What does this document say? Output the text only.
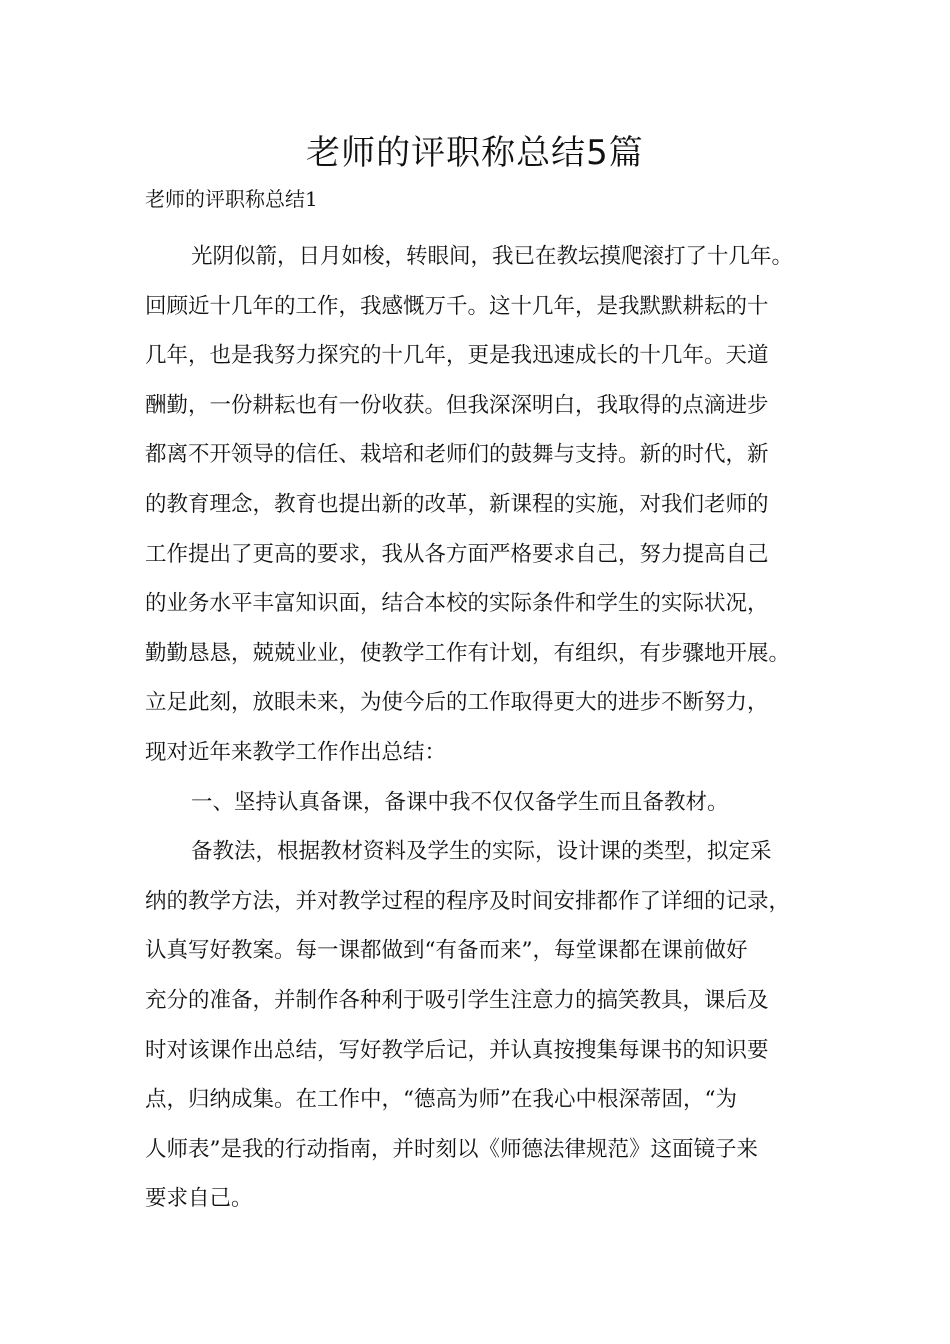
老师的评职称总结5篇
老师的评职称总结1
光阴似箭，日月如梭，转眼间，我已在教坛摸爬滚打了十几年。
回顾近十几年的工作，我感慨万千。这十几年，是我默默耕耘的十
几年，也是我努力探究的十几年，更是我迅速成长的十几年。天道
酬勤，一份耕耘也有一份收获。但我深深明白，我取得的点滴进步
都离不开领导的信任、栽培和老师们的鼓舞与支持。新的时代，新
的教育理念，教育也提出新的改革，新课程的实施，对我们老师的
工作提出了更高的要求，我从各方面严格要求自己，努力提高自己
的业务水平丰富知识面，结合本校的实际条件和学生的实际状况，
勤勤恳恳，兢兢业业，使教学工作有计划，有组织，有步骤地开展。
立足此刻，放眼未来，为使今后的工作取得更大的进步不断努力，
现对近年来教学工作作出总结：
一、坚持认真备课，备课中我不仅仅备学生而且备教材。
备教法，根据教材资料及学生的实际，设计课的类型，拟定采
纳的教学方法，并对教学过程的程序及时间安排都作了详细的记录，
认真写好教案。每一课都做到“有备而来”，每堂课都在课前做好
充分的准备，并制作各种利于吸引学生注意力的搞笑教具，课后及
时对该课作出总结，写好教学后记，并认真按搜集每课书的知识要
点，归纳成集。在工作中，“德高为师”在我心中根深蒂固，“为
人师表”是我的行动指南，并时刻以《师德法律规范》这面镜子来
要求自己。
